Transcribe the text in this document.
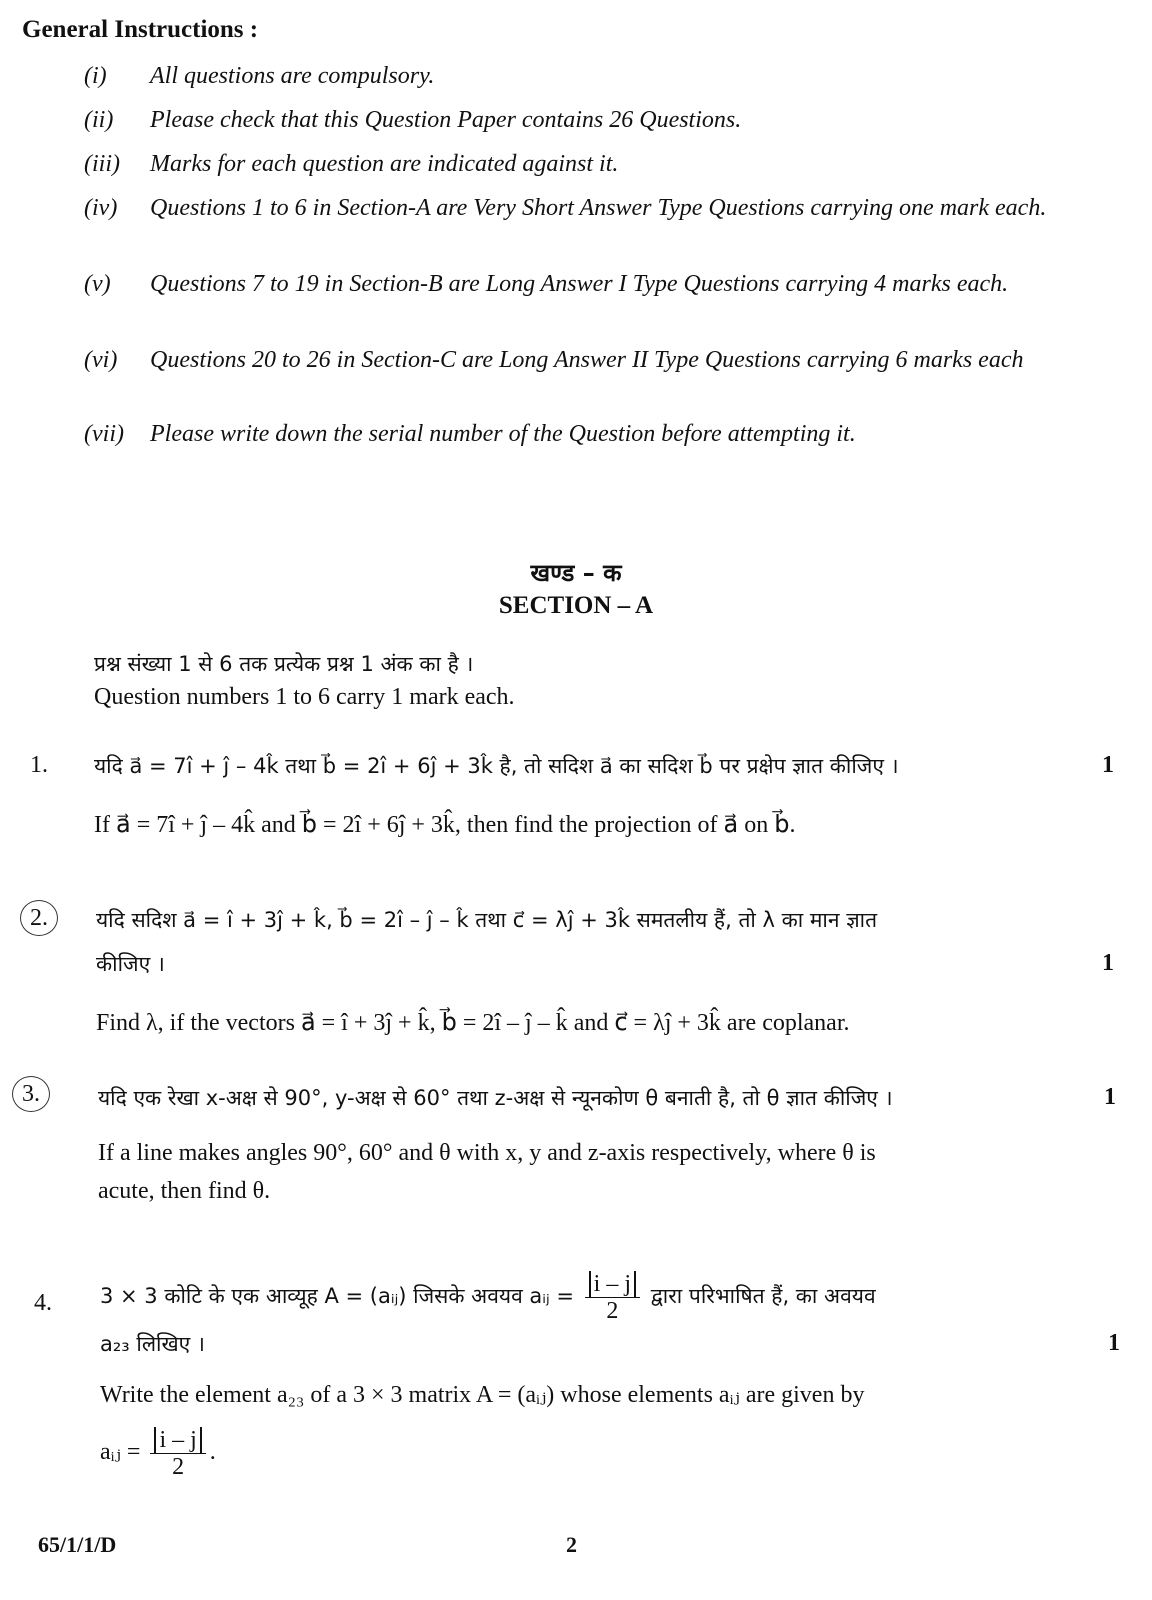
General Instructions :
(i)	All questions are compulsory.
(ii)	Please check that this Question Paper contains 26 Questions.
(iii)	Marks for each question are indicated against it.
(iv)	Questions 1 to 6 in Section-A are Very Short Answer Type Questions carrying one mark each.
(v)	Questions 7 to 19 in Section-B are Long Answer I Type Questions carrying 4 marks each.
(vi)	Questions 20 to 26 in Section-C are Long Answer II Type Questions carrying 6 marks each
(vii)	Please write down the serial number of the Question before attempting it.
खण्ड – क
SECTION – A
प्रश्न संख्या 1 से 6 तक प्रत्येक प्रश्न 1 अंक का है ।
Question numbers 1 to 6 carry 1 mark each.
1. यदि a⃗ = 7î + ĵ – 4k̂ तथा b⃗ = 2î + 6ĵ + 3k̂ है, तो सदिश a⃗ का सदिश b⃗ पर प्रक्षेप ज्ञात कीजिए ।	1
If a⃗ = 7î + ĵ – 4k̂ and b⃗ = 2î + 6ĵ + 3k̂, then find the projection of a⃗ on b⃗.
2.	यदि सदिश a⃗ = î + 3ĵ + k̂, b⃗ = 2î – ĵ – k̂ तथा c⃗ = λĵ + 3k̂ समतलीय हैं, तो λ का मान ज्ञात
कीजिए ।	1
Find λ, if the vectors a⃗ = î + 3ĵ + k̂, b⃗ = 2î – ĵ – k̂ and c⃗ = λĵ + 3k̂ are coplanar.
3.	यदि एक रेखा x-अक्ष से 90°, y-अक्ष से 60° तथा z-अक्ष से न्यूनकोण θ बनाती है, तो θ ज्ञात कीजिए ।	1
If a line makes angles 90°, 60° and θ with x, y and z-axis respectively, where θ is
acute, then find θ.
4. 3 × 3 कोटि के एक आव्यूह A = (aᵢⱼ) जिसके अवयव aᵢⱼ = $\frac{i - j}{2}$ द्वारा परिभाषित हैं, का अवयव
a₂₃ लिखिए ।	1
Write the element a₂₃ of a 3 × 3 matrix A = (aᵢⱼ) whose elements aᵢⱼ are given by
aᵢⱼ = $\frac{i - j}{2}$ .
65/1/1/D	2
